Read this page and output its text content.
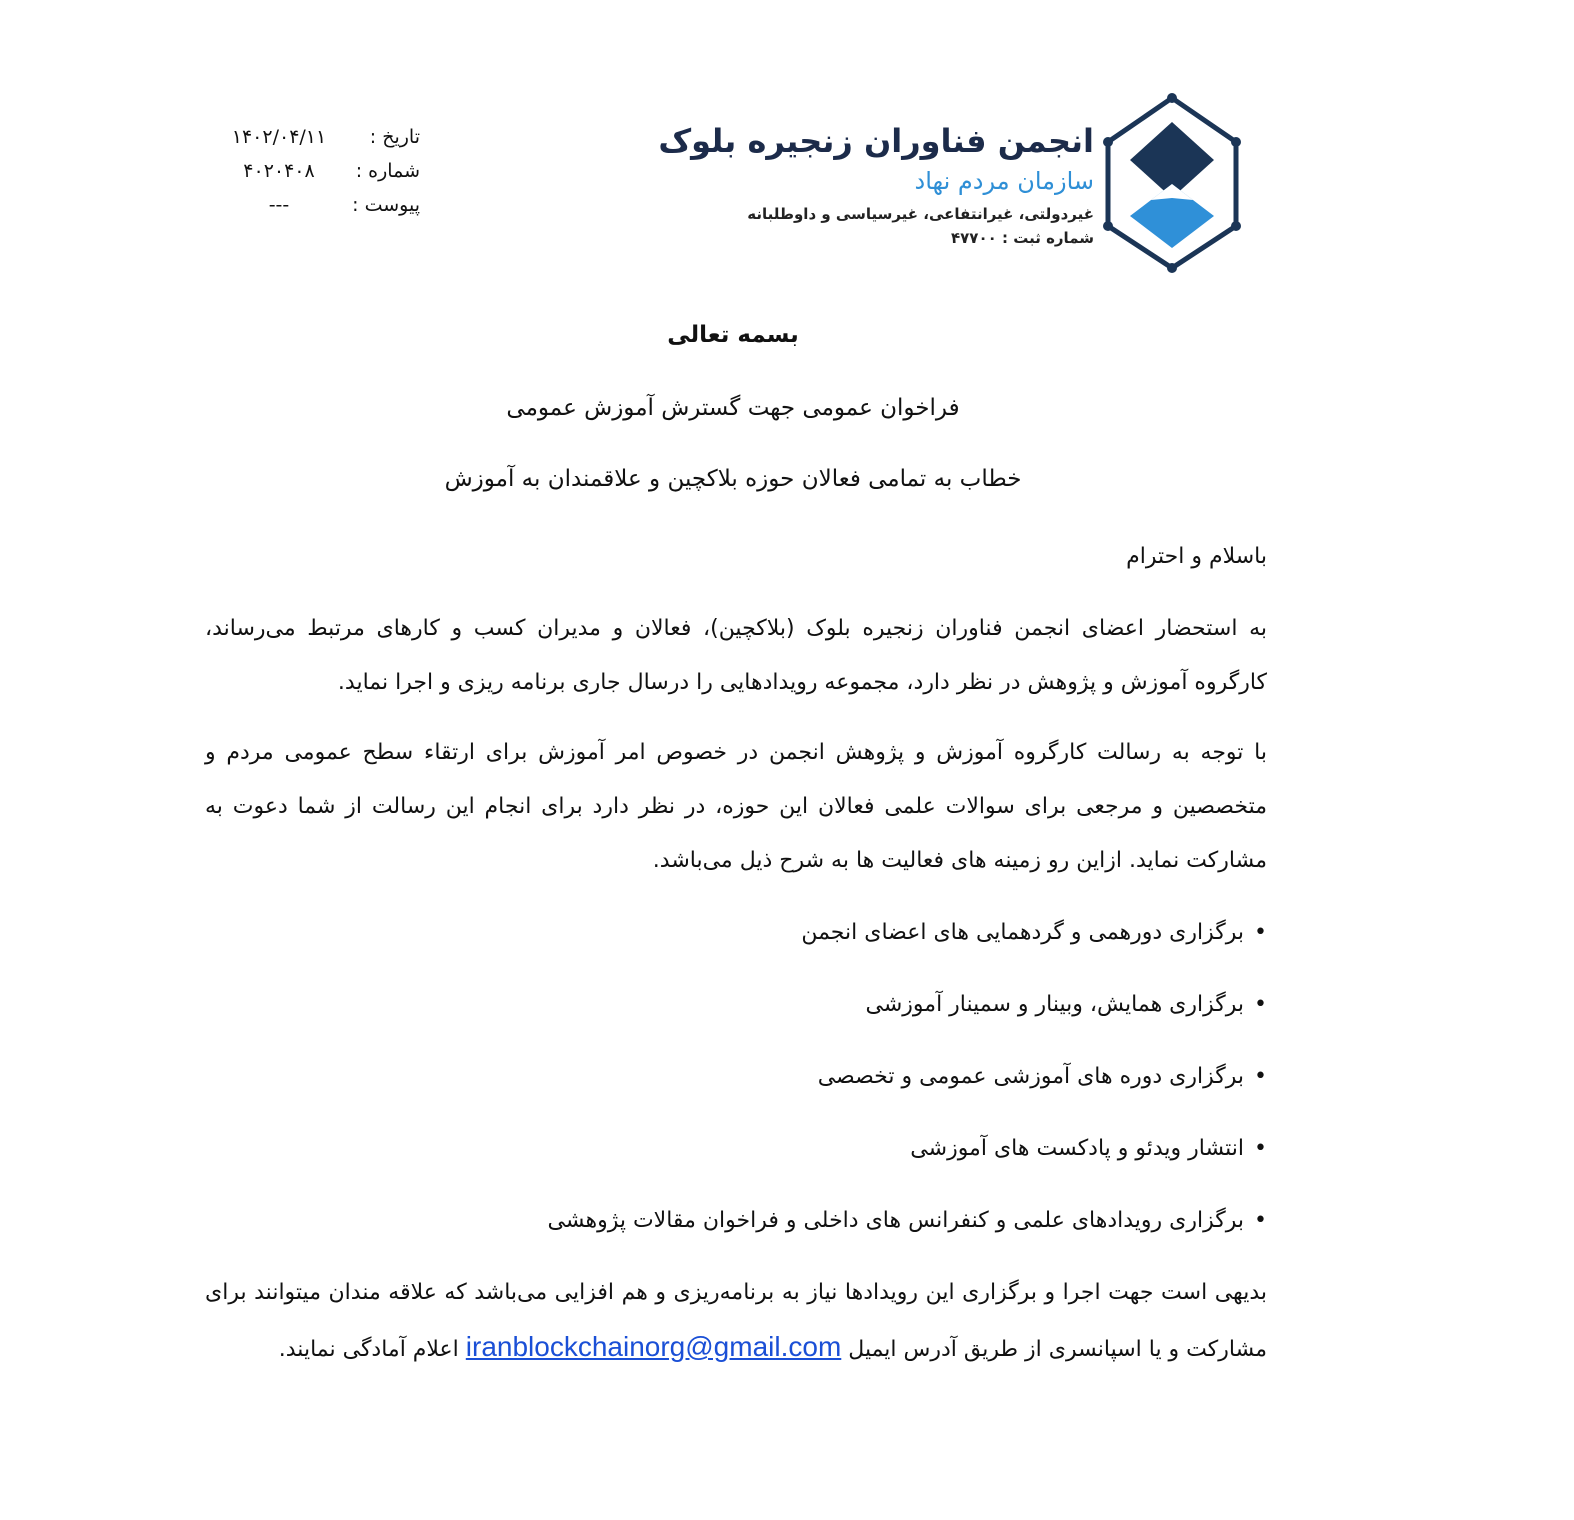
تاریخ :
۱۴۰۲/۰۴/۱۱
شماره :
۴۰۲۰۴۰۸
پیوست :
---
انجمن فناوران زنجیره بلوک
سازمان مردم نهاد
غیردولتی، غیرانتفاعی، غیرسیاسی و داوطلبانه
شماره ثبت : ۴۷۷۰۰
بسمه تعالی
فراخوان عمومی جهت گسترش آموزش عمومی
خطاب به تمامی فعالان حوزه بلاکچین و علاقمندان به آموزش
باسلام و احترام
به استحضار اعضای انجمن فناوران زنجیره بلوک (بلاکچین)، فعالان و مدیران کسب و کارهای مرتبط می‌رساند، کارگروه آموزش و پژوهش در نظر دارد، مجموعه رویدادهایی را درسال جاری برنامه ریزی و اجرا نماید.
با توجه به رسالت کارگروه آموزش و پژوهش انجمن در خصوص امر آموزش برای ارتقاء سطح عمومی مردم و متخصصین و مرجعی برای سوالات علمی فعالان این حوزه، در نظر دارد برای انجام این رسالت از شما دعوت به مشارکت نماید. ازاین رو زمینه های فعالیت ها به شرح ذیل می‌باشد.
• برگزاری دورهمی و گردهمایی های اعضای انجمن
• برگزاری همایش، وبینار و سمینار آموزشی
• برگزاری دوره های آموزشی عمومی و تخصصی
• انتشار ویدئو و پادکست های آموزشی
• برگزاری رویدادهای علمی و کنفرانس های داخلی و فراخوان مقالات پژوهشی
بدیهی است جهت اجرا و برگزاری این رویدادها نیاز به برنامه‌ریزی و هم افزایی می‌باشد که علاقه مندان میتوانند برای مشارکت و یا اسپانسری از طریق آدرس ایمیل iranblockchainorg@gmail.com اعلام آمادگی نمایند.
